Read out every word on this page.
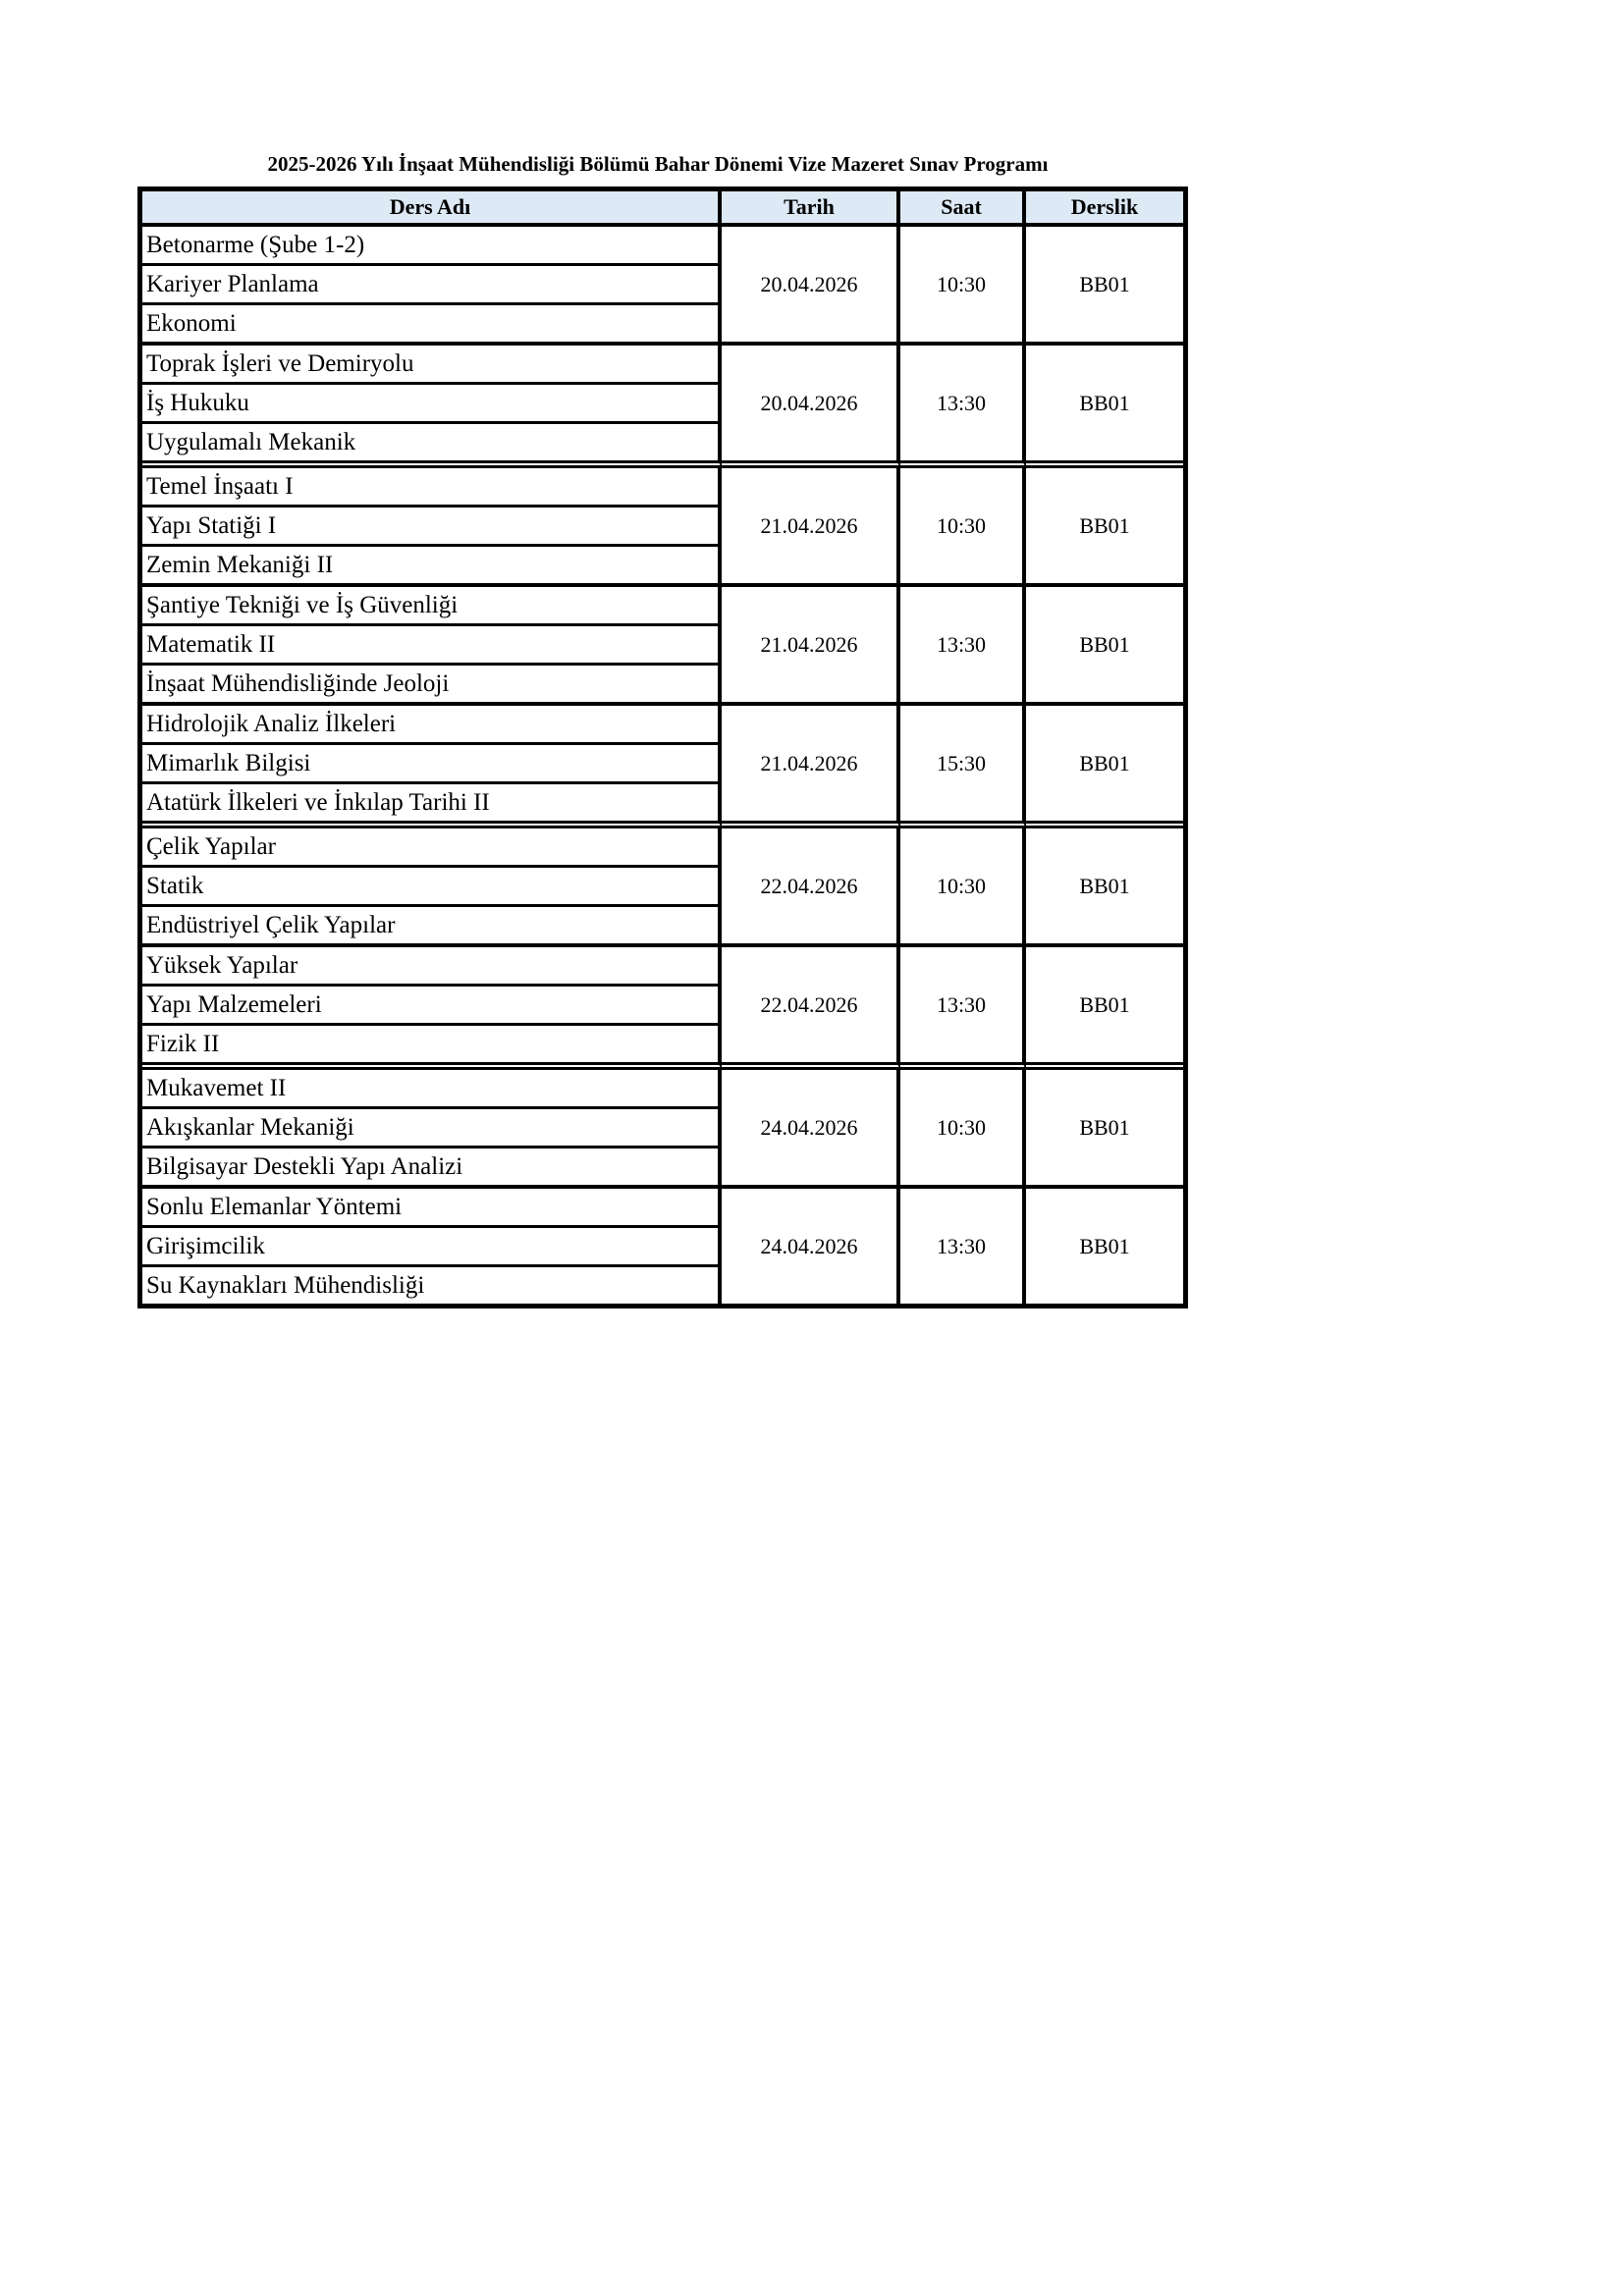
2025-2026 Yılı İnşaat Mühendisliği Bölümü Bahar Dönemi Vize Mazeret Sınav Programı
Ders Adı	Tarih	Saat	Derslik
Betonarme (Şube 1-2)	20.04.2026	10:30	BB01
Kariyer Planlama			
Ekonomi			
Toprak İşleri ve Demiryolu	20.04.2026	13:30	BB01
İş Hukuku			
Uygulamalı Mekanik			
Temel İnşaatı I	21.04.2026	10:30	BB01
Yapı Statiği I			
Zemin Mekaniği II			
Şantiye Tekniği ve İş Güvenliği	21.04.2026	13:30	BB01
Matematik II			
İnşaat Mühendisliğinde Jeoloji			
Hidrolojik Analiz İlkeleri	21.04.2026	15:30	BB01
Mimarlık Bilgisi			
Atatürk İlkeleri ve İnkılap Tarihi II			
Çelik Yapılar	22.04.2026	10:30	BB01
Statik			
Endüstriyel Çelik Yapılar			
Yüksek Yapılar	22.04.2026	13:30	BB01
Yapı Malzemeleri			
Fizik II			
Mukavemet II	24.04.2026	10:30	BB01
Akışkanlar Mekaniği			
Bilgisayar Destekli Yapı Analizi			
Sonlu Elemanlar Yöntemi	24.04.2026	13:30	BB01
Girişimcilik			
Su Kaynakları Mühendisliği			
